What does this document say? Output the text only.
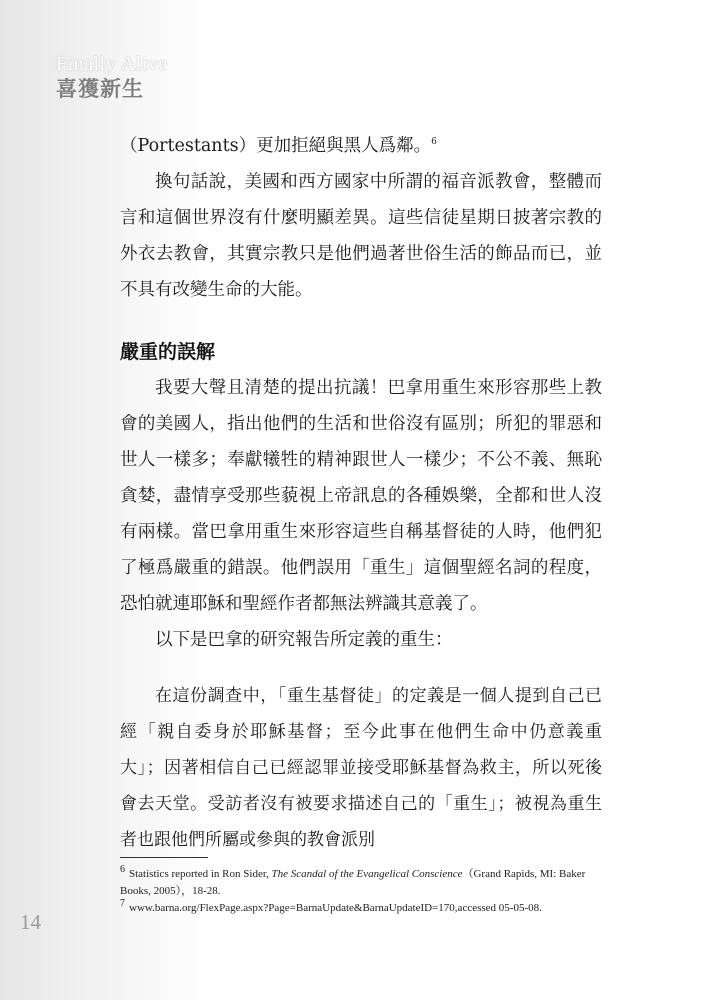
Finally Alive
喜獲新生

（Portestants）更加拒絕與黑人爲鄰。$^6$

換句話說，美國和西方國家中所謂的福音派教會，整體而言和這個世界沒有什麼明顯差異。這些信徒星期日披著宗教的外衣去教會，其實宗教只是他們過著世俗生活的飾品而已，並不具有改變生命的大能。

嚴重的誤解

我要大聲且清楚的提出抗議！巴拿用重生來形容那些上教會的美國人，指出他們的生活和世俗沒有區別；所犯的罪惡和世人一樣多；奉獻犧牲的精神跟世人一樣少；不公不義、無恥貪婪，盡情享受那些藐視上帝訊息的各種娛樂，全都和世人沒有兩樣。當巴拿用重生來形容這些自稱基督徒的人時，他們犯了極爲嚴重的錯誤。他們誤用「重生」這個聖經名詞的程度，恐怕就連耶穌和聖經作者都無法辨識其意義了。

以下是巴拿的研究報告所定義的重生：

在這份調查中，「重生基督徒」的定義是一個人提到自己已經「親自委身於耶穌基督；至今此事在他們生命中仍意義重大」；因著相信自己已經認罪並接受耶穌基督為救主，所以死後會去天堂。受訪者沒有被要求描述自己的「重生」；被視為重生者也跟他們所屬或參與的教會派別

6 Statistics reported in Ron Sider, The Scandal of the Evangelical Conscience（Grand Rapids, MI: Baker Books, 2005），18-28.
7 www.barna.org/FlexPage.aspx?Page=BarnaUpdate&BarnaUpdateID=170,accessed 05-05-08.
14
